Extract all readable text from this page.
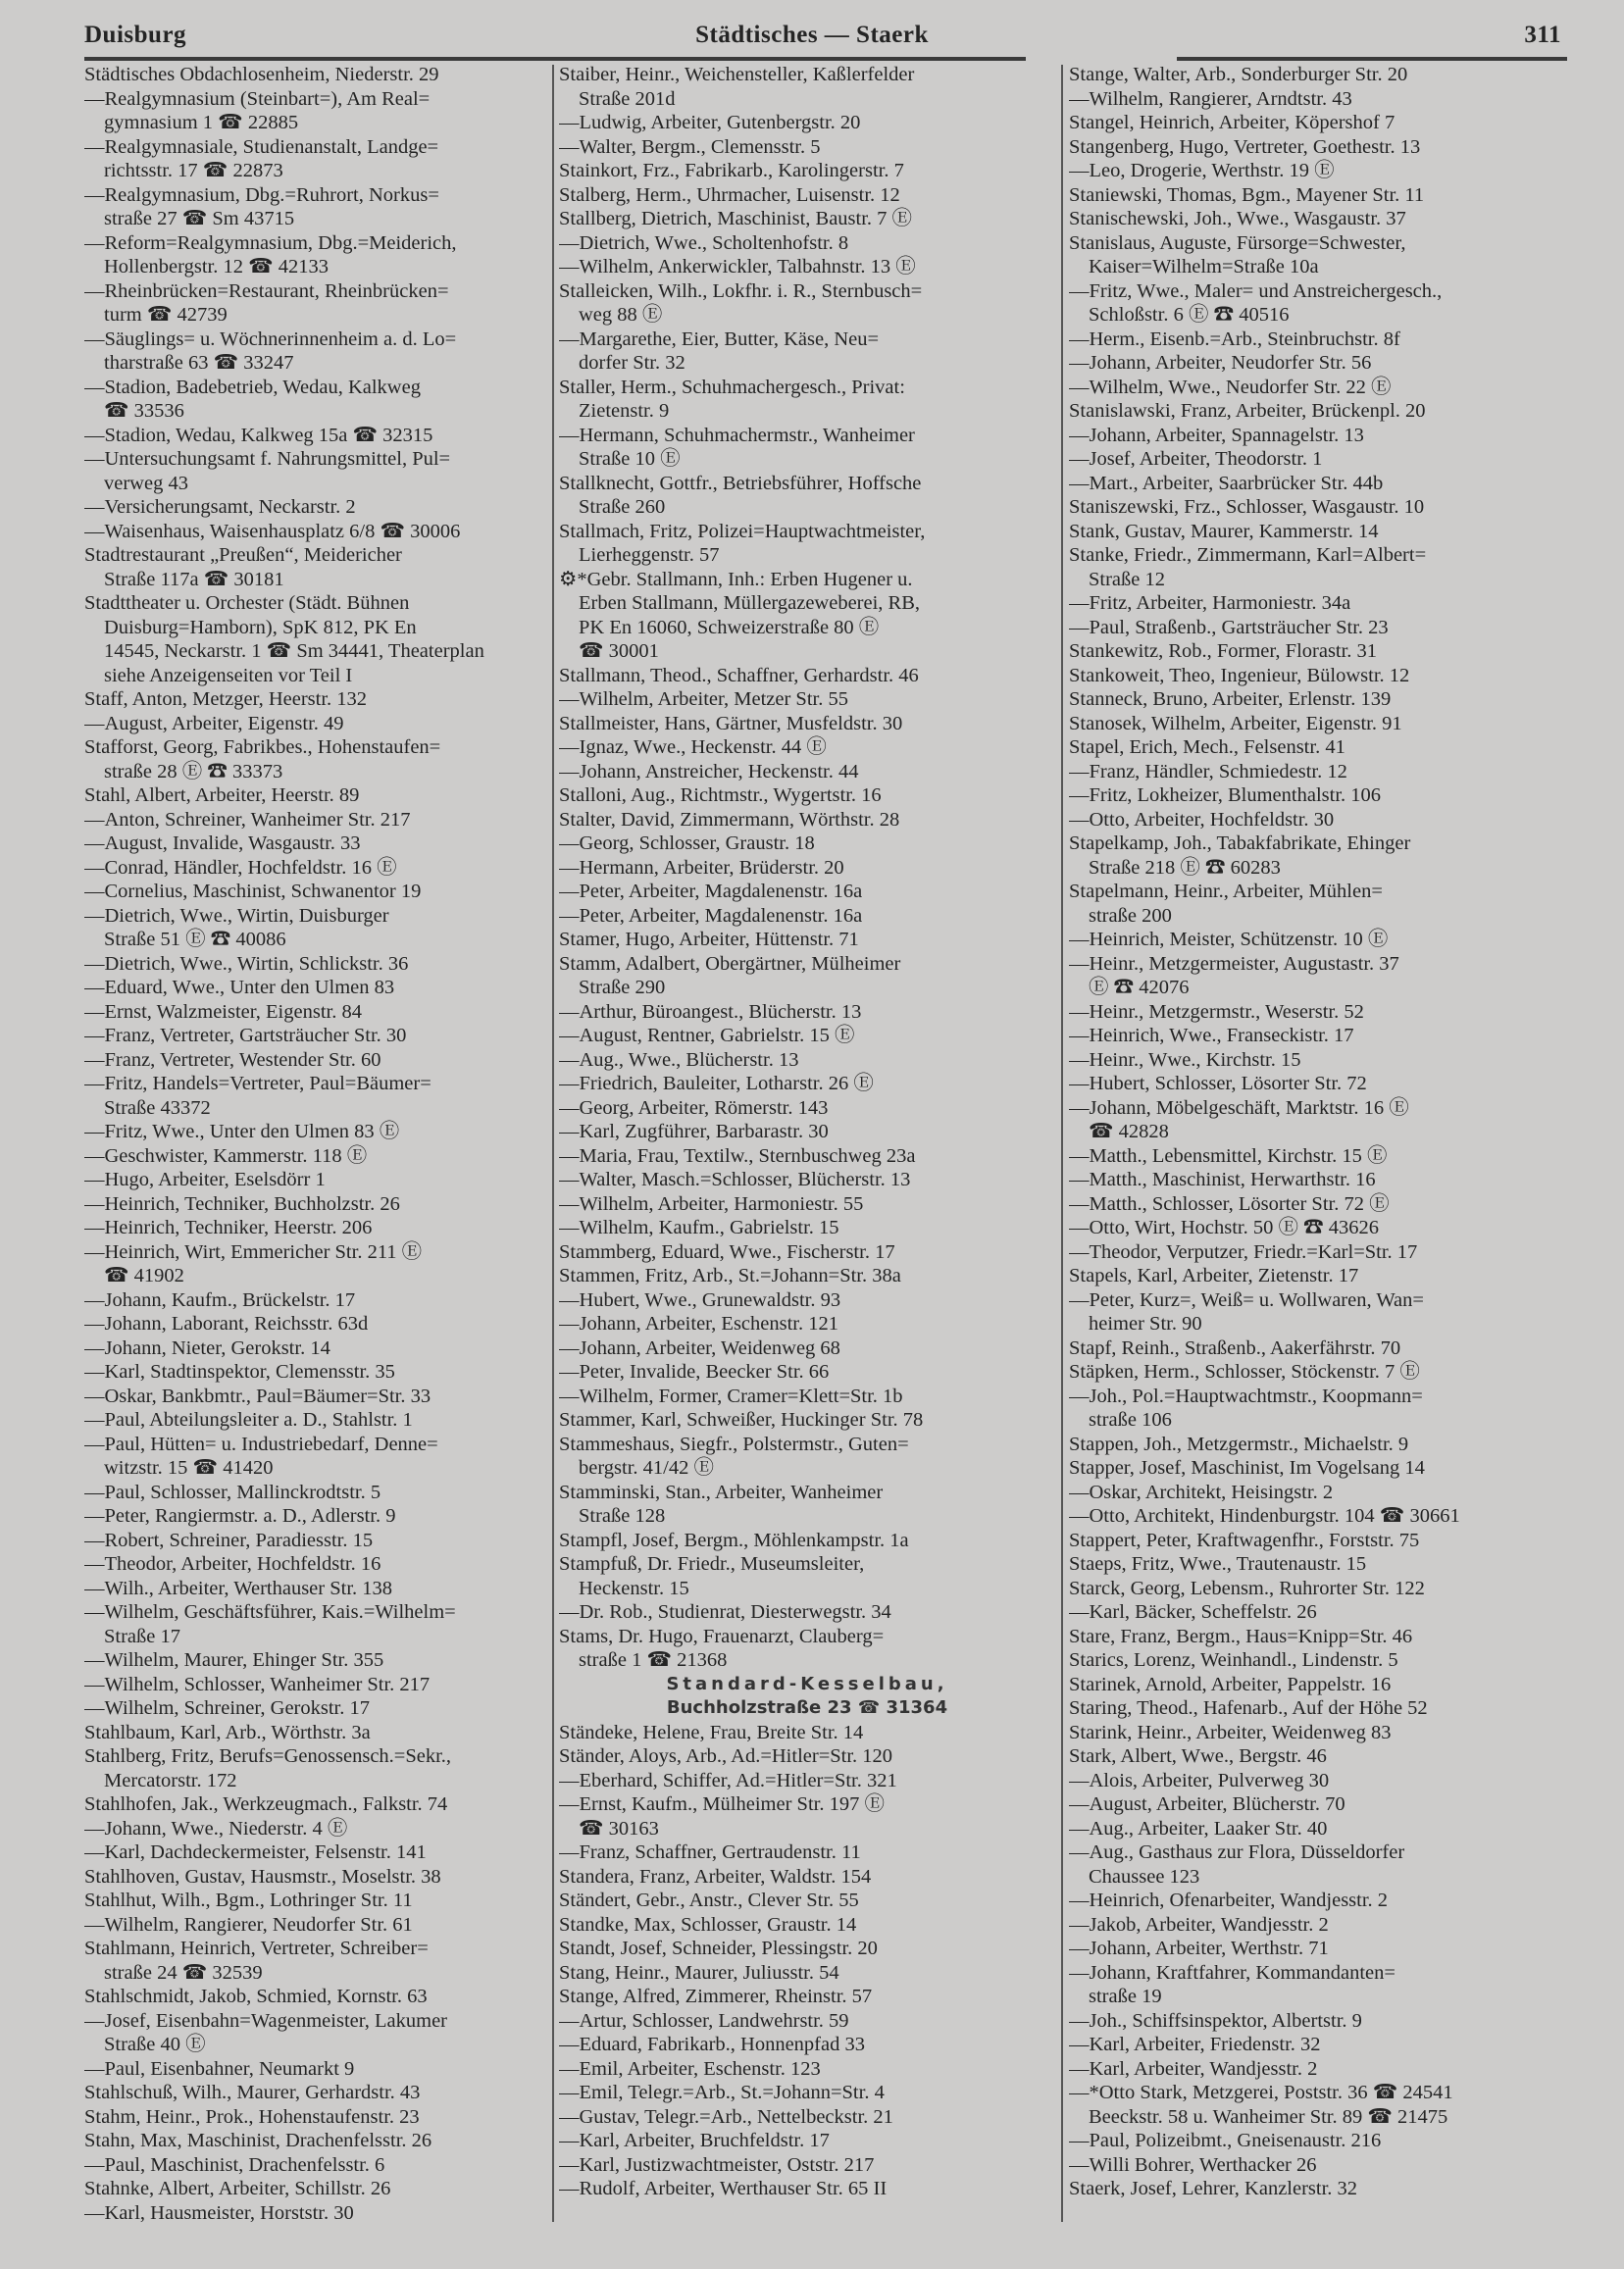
Duisburg	Städtisches — Staerk	311
Städtisches Obdachlosenheim, Niederstr. 29
—Realgymnasium (Steinbart=), Am Real=
gymnasium 1 ☎ 22885
—Realgymnasiale, Studienanstalt, Landge=
richtsstr. 17 ☎ 22873
—Realgymnasium, Dbg.=Ruhrort, Norkus=
straße 27 ☎ Sm 43715
—Reform=Realgymnasium, Dbg.=Meiderich,
Hollenbergstr. 12 ☎ 42133
—Rheinbrücken=Restaurant, Rheinbrücken=
turm ☎ 42739
—Säuglings= u. Wöchnerinnenheim a. d. Lo=
tharstraße 63 ☎ 33247
—Stadion, Badebetrieb, Wedau, Kalkweg
☎ 33536
—Stadion, Wedau, Kalkweg 15a ☎ 32315
—Untersuchungsamt f. Nahrungsmittel, Pul=
verweg 43
—Versicherungsamt, Neckarstr. 2
—Waisenhaus, Waisenhausplatz 6/8 ☎ 30006
Stadtrestaurant „Preußen“, Meidericher
Straße 117a ☎ 30181
Stadttheater u. Orchester (Städt. Bühnen
Duisburg=Hamborn), SpK 812, PK En
14545, Neckarstr. 1 ☎ Sm 34441, Theaterplan
siehe Anzeigenseiten vor Teil I
Staff, Anton, Metzger, Heerstr. 132
—August, Arbeiter, Eigenstr. 49
Stafforst, Georg, Fabrikbes., Hohenstaufen=
straße 28 Ⓔ ☎ 33373
Stahl, Albert, Arbeiter, Heerstr. 89
—Anton, Schreiner, Wanheimer Str. 217
—August, Invalide, Wasgaustr. 33
—Conrad, Händler, Hochfeldstr. 16 Ⓔ
—Cornelius, Maschinist, Schwanentor 19
—Dietrich, Wwe., Wirtin, Duisburger
Straße 51 Ⓔ ☎ 40086
—Dietrich, Wwe., Wirtin, Schlickstr. 36
—Eduard, Wwe., Unter den Ulmen 83
—Ernst, Walzmeister, Eigenstr. 84
—Franz, Vertreter, Gartsträucher Str. 30
—Franz, Vertreter, Westender Str. 60
—Fritz, Handels=Vertreter, Paul=Bäumer=
Straße 43372
—Fritz, Wwe., Unter den Ulmen 83 Ⓔ
—Geschwister, Kammerstr. 118 Ⓔ
—Hugo, Arbeiter, Eselsdörr 1
—Heinrich, Techniker, Buchholzstr. 26
—Heinrich, Techniker, Heerstr. 206
—Heinrich, Wirt, Emmericher Str. 211 Ⓔ
☎ 41902
—Johann, Kaufm., Brückelstr. 17
—Johann, Laborant, Reichsstr. 63d
—Johann, Nieter, Gerokstr. 14
—Karl, Stadtinspektor, Clemensstr. 35
—Oskar, Bankbmtr., Paul=Bäumer=Str. 33
—Paul, Abteilungsleiter a. D., Stahlstr. 1
—Paul, Hütten= u. Industriebedarf, Denne=
witzstr. 15 ☎ 41420
—Paul, Schlosser, Mallinckrodtstr. 5
—Peter, Rangiermstr. a. D., Adlerstr. 9
—Robert, Schreiner, Paradiesstr. 15
—Theodor, Arbeiter, Hochfeldstr. 16
—Wilh., Arbeiter, Werthauser Str. 138
—Wilhelm, Geschäftsführer, Kais.=Wilhelm=
Straße 17
—Wilhelm, Maurer, Ehinger Str. 355
—Wilhelm, Schlosser, Wanheimer Str. 217
—Wilhelm, Schreiner, Gerokstr. 17
Stahlbaum, Karl, Arb., Wörthstr. 3a
Stahlberg, Fritz, Berufs=Genossensch.=Sekr.,
Mercatorstr. 172
Stahlhofen, Jak., Werkzeugmach., Falkstr. 74
—Johann, Wwe., Niederstr. 4 Ⓔ
—Karl, Dachdeckermeister, Felsenstr. 141
Stahlhoven, Gustav, Hausmstr., Moselstr. 38
Stahlhut, Wilh., Bgm., Lothringer Str. 11
—Wilhelm, Rangierer, Neudorfer Str. 61
Stahlmann, Heinrich, Vertreter, Schreiber=
straße 24 ☎ 32539
Stahlschmidt, Jakob, Schmied, Kornstr. 63
—Josef, Eisenbahn=Wagenmeister, Lakumer
Straße 40 Ⓔ
—Paul, Eisenbahner, Neumarkt 9
Stahlschuß, Wilh., Maurer, Gerhardstr. 43
Stahm, Heinr., Prok., Hohenstaufenstr. 23
Stahn, Max, Maschinist, Drachenfelsstr. 26
—Paul, Maschinist, Drachenfelsstr. 6
Stahnke, Albert, Arbeiter, Schillstr. 26
—Karl, Hausmeister, Horststr. 30
Staiber, Heinr., Weichensteller, Kaßlerfelder
Straße 201d
—Ludwig, Arbeiter, Gutenbergstr. 20
—Walter, Bergm., Clemensstr. 5
Stainkort, Frz., Fabrikarb., Karolingerstr. 7
Stalberg, Herm., Uhrmacher, Luisenstr. 12
Stallberg, Dietrich, Maschinist, Baustr. 7 Ⓔ
—Dietrich, Wwe., Scholtenhofstr. 8
—Wilhelm, Ankerwickler, Talbahnstr. 13 Ⓔ
Stalleicken, Wilh., Lokfhr. i. R., Sternbusch=
weg 88 Ⓔ
—Margarethe, Eier, Butter, Käse, Neu=
dorfer Str. 32
Staller, Herm., Schuhmachergesch., Privat:
Zietenstr. 9
—Hermann, Schuhmachermstr., Wanheimer
Straße 10 Ⓔ
Stallknecht, Gottfr., Betriebsführer, Hoffsche
Straße 260
Stallmach, Fritz, Polizei=Hauptwachtmeister,
Lierheggenstr. 57
⚙*Gebr. Stallmann, Inh.: Erben Hugener u.
Erben Stallmann, Müllergazeweberei, RB,
PK En 16060, Schweizerstraße 80 Ⓔ
☎ 30001
Stallmann, Theod., Schaffner, Gerhardstr. 46
—Wilhelm, Arbeiter, Metzer Str. 55
Stallmeister, Hans, Gärtner, Musfeldstr. 30
—Ignaz, Wwe., Heckenstr. 44 Ⓔ
—Johann, Anstreicher, Heckenstr. 44
Stalloni, Aug., Richtmstr., Wygertstr. 16
Stalter, David, Zimmermann, Wörthstr. 28
—Georg, Schlosser, Graustr. 18
—Hermann, Arbeiter, Brüderstr. 20
—Peter, Arbeiter, Magdalenenstr. 16a
—Peter, Arbeiter, Magdalenenstr. 16a
Stamer, Hugo, Arbeiter, Hüttenstr. 71
Stamm, Adalbert, Obergärtner, Mülheimer
Straße 290
—Arthur, Büroangest., Blücherstr. 13
—August, Rentner, Gabrielstr. 15 Ⓔ
—Aug., Wwe., Blücherstr. 13
—Friedrich, Bauleiter, Lotharstr. 26 Ⓔ
—Georg, Arbeiter, Römerstr. 143
—Karl, Zugführer, Barbarastr. 30
—Maria, Frau, Textilw., Sternbuschweg 23a
—Walter, Masch.=Schlosser, Blücherstr. 13
—Wilhelm, Arbeiter, Harmoniestr. 55
—Wilhelm, Kaufm., Gabrielstr. 15
Stammberg, Eduard, Wwe., Fischerstr. 17
Stammen, Fritz, Arb., St.=Johann=Str. 38a
—Hubert, Wwe., Grunewaldstr. 93
—Johann, Arbeiter, Eschenstr. 121
—Johann, Arbeiter, Weidenweg 68
—Peter, Invalide, Beecker Str. 66
—Wilhelm, Former, Cramer=Klett=Str. 1b
Stammer, Karl, Schweißer, Huckinger Str. 78
Stammeshaus, Siegfr., Polstermstr., Guten=
bergstr. 41/42 Ⓔ
Stamminski, Stan., Arbeiter, Wanheimer
Straße 128
Stampfl, Josef, Bergm., Möhlenkampstr. 1a
Stampfuß, Dr. Friedr., Museumsleiter,
Heckenstr. 15
—Dr. Rob., Studienrat, Diesterwegstr. 34
Stams, Dr. Hugo, Frauenarzt, Clauberg=
straße 1 ☎ 21368
Standard-Kesselbau,
Buchholzstraße 23 ☎ 31364
Ständeke, Helene, Frau, Breite Str. 14
Ständer, Aloys, Arb., Ad.=Hitler=Str. 120
—Eberhard, Schiffer, Ad.=Hitler=Str. 321
—Ernst, Kaufm., Mülheimer Str. 197 Ⓔ
☎ 30163
—Franz, Schaffner, Gertraudenstr. 11
Standera, Franz, Arbeiter, Waldstr. 154
Ständert, Gebr., Anstr., Clever Str. 55
Standke, Max, Schlosser, Graustr. 14
Standt, Josef, Schneider, Plessingstr. 20
Stang, Heinr., Maurer, Juliusstr. 54
Stange, Alfred, Zimmerer, Rheinstr. 57
—Artur, Schlosser, Landwehrstr. 59
—Eduard, Fabrikarb., Honnenpfad 33
—Emil, Arbeiter, Eschenstr. 123
—Emil, Telegr.=Arb., St.=Johann=Str. 4
—Gustav, Telegr.=Arb., Nettelbeckstr. 21
—Karl, Arbeiter, Bruchfeldstr. 17
—Karl, Justizwachtmeister, Oststr. 217
—Rudolf, Arbeiter, Werthauser Str. 65 II
Stange, Walter, Arb., Sonderburger Str. 20
—Wilhelm, Rangierer, Arndtstr. 43
Stangel, Heinrich, Arbeiter, Köpershof 7
Stangenberg, Hugo, Vertreter, Goethestr. 13
—Leo, Drogerie, Werthstr. 19 Ⓔ
Staniewski, Thomas, Bgm., Mayener Str. 11
Stanischewski, Joh., Wwe., Wasgaustr. 37
Stanislaus, Auguste, Fürsorge=Schwester,
Kaiser=Wilhelm=Straße 10a
—Fritz, Wwe., Maler= und Anstreichergesch.,
Schloßstr. 6 Ⓔ ☎ 40516
—Herm., Eisenb.=Arb., Steinbruchstr. 8f
—Johann, Arbeiter, Neudorfer Str. 56
—Wilhelm, Wwe., Neudorfer Str. 22 Ⓔ
Stanislawski, Franz, Arbeiter, Brückenpl. 20
—Johann, Arbeiter, Spannagelstr. 13
—Josef, Arbeiter, Theodorstr. 1
—Mart., Arbeiter, Saarbrücker Str. 44b
Staniszewski, Frz., Schlosser, Wasgaustr. 10
Stank, Gustav, Maurer, Kammerstr. 14
Stanke, Friedr., Zimmermann, Karl=Albert=
Straße 12
—Fritz, Arbeiter, Harmoniestr. 34a
—Paul, Straßenb., Gartsträucher Str. 23
Stankewitz, Rob., Former, Florastr. 31
Stankoweit, Theo, Ingenieur, Bülowstr. 12
Stanneck, Bruno, Arbeiter, Erlenstr. 139
Stanosek, Wilhelm, Arbeiter, Eigenstr. 91
Stapel, Erich, Mech., Felsenstr. 41
—Franz, Händler, Schmiedestr. 12
—Fritz, Lokheizer, Blumenthalstr. 106
—Otto, Arbeiter, Hochfeldstr. 30
Stapelkamp, Joh., Tabakfabrikate, Ehinger
Straße 218 Ⓔ ☎ 60283
Stapelmann, Heinr., Arbeiter, Mühlen=
straße 200
—Heinrich, Meister, Schützenstr. 10 Ⓔ
—Heinr., Metzgermeister, Augustastr. 37
Ⓔ ☎ 42076
—Heinr., Metzgermstr., Weserstr. 52
—Heinrich, Wwe., Franseckistr. 17
—Heinr., Wwe., Kirchstr. 15
—Hubert, Schlosser, Lösorter Str. 72
—Johann, Möbelgeschäft, Marktstr. 16 Ⓔ
☎ 42828
—Matth., Lebensmittel, Kirchstr. 15 Ⓔ
—Matth., Maschinist, Herwarthstr. 16
—Matth., Schlosser, Lösorter Str. 72 Ⓔ
—Otto, Wirt, Hochstr. 50 Ⓔ ☎ 43626
—Theodor, Verputzer, Friedr.=Karl=Str. 17
Stapels, Karl, Arbeiter, Zietenstr. 17
—Peter, Kurz=, Weiß= u. Wollwaren, Wan=
heimer Str. 90
Stapf, Reinh., Straßenb., Aakerfährstr. 70
Stäpken, Herm., Schlosser, Stöckenstr. 7 Ⓔ
—Joh., Pol.=Hauptwachtmstr., Koopmann=
straße 106
Stappen, Joh., Metzgermstr., Michaelstr. 9
Stapper, Josef, Maschinist, Im Vogelsang 14
—Oskar, Architekt, Heisingstr. 2
—Otto, Architekt, Hindenburgstr. 104 ☎ 30661
Stappert, Peter, Kraftwagenfhr., Forststr. 75
Staeps, Fritz, Wwe., Trautenaustr. 15
Starck, Georg, Lebensm., Ruhrorter Str. 122
—Karl, Bäcker, Scheffelstr. 26
Stare, Franz, Bergm., Haus=Knipp=Str. 46
Starics, Lorenz, Weinhandl., Lindenstr. 5
Starinek, Arnold, Arbeiter, Pappelstr. 16
Staring, Theod., Hafenarb., Auf der Höhe 52
Starink, Heinr., Arbeiter, Weidenweg 83
Stark, Albert, Wwe., Bergstr. 46
—Alois, Arbeiter, Pulverweg 30
—August, Arbeiter, Blücherstr. 70
—Aug., Arbeiter, Laaker Str. 40
—Aug., Gasthaus zur Flora, Düsseldorfer
Chaussee 123
—Heinrich, Ofenarbeiter, Wandjesstr. 2
—Jakob, Arbeiter, Wandjesstr. 2
—Johann, Arbeiter, Werthstr. 71
—Johann, Kraftfahrer, Kommandanten=
straße 19
—Joh., Schiffsinspektor, Albertstr. 9
—Karl, Arbeiter, Friedenstr. 32
—Karl, Arbeiter, Wandjesstr. 2
—*Otto Stark, Metzgerei, Poststr. 36 ☎ 24541
Beeckstr. 58 u. Wanheimer Str. 89 ☎ 21475
—Paul, Polizeibmt., Gneisenaustr. 216
—Willi Bohrer, Werthacker 26
Staerk, Josef, Lehrer, Kanzlerstr. 32
